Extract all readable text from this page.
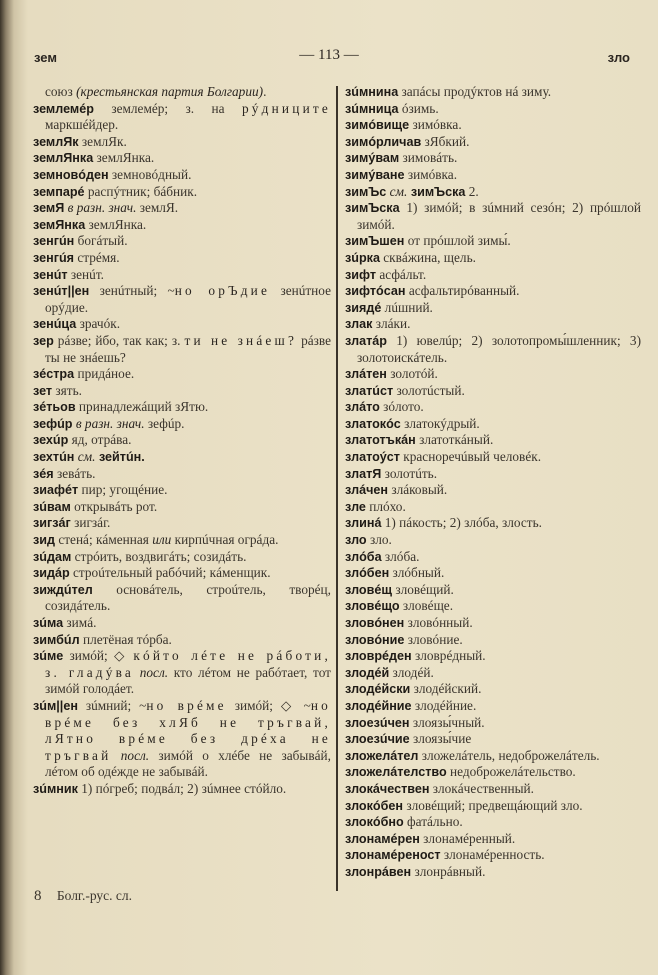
зем	— 113 —	зло

союз (крестьянская партия Болгарии).

землемéр землемéр; з. на рýдниците маркшéйдер.

землЯк землЯк.

землЯнка землЯнка.

земновóден земновóдный.

земпарé распýтник; бáбник.

земЯ в разн. знач. землЯ.

земЯнка землЯнка.

зенгúн богáтый.

зенгúя стрéмя.

зенúт зенúт.

зенúт||ен зенúтный; ~но орЪдие зенúтное орýдие.

зенúца зрачóк.

зер рáзве; йбо, так как; з. ти не знáеш? рáзве ты не знáешь?

зéстра придáное.

зет зять.

зéтьов принадлежáщий зЯтю.

зефúр в разн. знач. зефúр.

зехúр яд, отрáва.

зехтúн см. зейтúн.

зéя зевáть.

зиафéт пир; угощéние.

зúвам открывáть рот.

зигзáг зигзáг.

зид стенá; кáменная или кирпúчная огрáда.

зúдам стрóить, воздвигáть; созидáть.

зидáр строúтельный рабóчий; кáменщик.

зиждúтел основáтель, строúтель, творéц, созидáтель.

зúма зимá.

зимбúл плетёная тóрба.

зúме зимóй; ◇ кóйто лéте не рáботи, з. гладýва посл. кто лéтом не рабóтает, тот зимóй голодáет.

зúм||ен зúмний; ~но врéме зимóй; ◇ ~но врéме без хлЯб не тръгвай, лЯтно врéме без дрéха не тръгвай посл. зимóй о хлéбе не забывáй, лéтом об одéжде не забывáй.

зúмник 1) пóгреб; подвáл; 2) зúмнее стóйло.

зúмнина запáсы продýктов нá зиму.

зúмница óзимь.

зимóвище зимóвка.

зимóрличав зЯбкий.

зимýвам зимовáть.

зимýване зимóвка.

зимЪс см. зимЪска 2.

зимЪска 1) зимóй; в зúмний сезóн; 2) прóшлой зимóй.

зимЪшен от прóшлой зимы́.

зúрка сквáжина, щель.

зифт асфáльт.

зифтóсан асфальтирóванный.

зиядé лúшний.

злак злáки.

златáр 1) ювелúр; 2) золотопромы́шленник; 3) золотоискáтель.

злáтен золотóй.

златúст золотúстый.

злáто зóлото.

златокóс златокýдрый.

златотъкáн златоткáный.

златоýст красноречúвый человéк.

златЯ золотúть.

злáчен злáковый.

зле плóхо.

злинá 1) пáкость; 2) злóба, злость.

зло зло.

злóба злóба.

злóбен злóбный.

зловéщ зловéщий.

зловéщо зловéще.

зловóнен зловóнный.

зловóние зловóние.

зловрéден зловрéдный.

злодéй злодéй.

злодéйски злодéйский.

злодéйние злодéйние.

злоезúчен злоязы́чный.

злоезúчие злоязы́чие

зложелáтел зложелáтель, недоброжелáтель.

зложелáтелство недоброжелáтельство.

злокáчествен злокáчественный.

злокóбен зловéщий; предвещáющий зло.

злокóбно фатáльно.

злонамéрен злонамéренный.

злонамéреност злонамéренность.

злонрáвен злонрáвный.

8 Болг.-рус. сл.
